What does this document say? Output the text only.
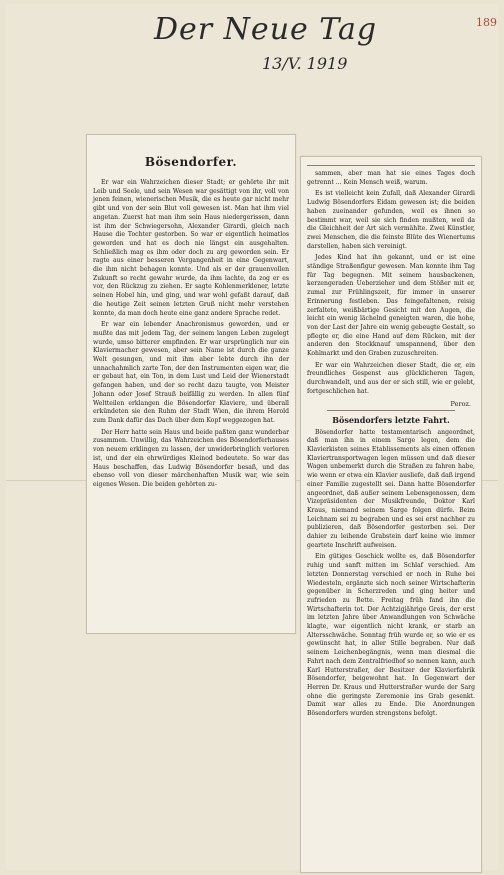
Der Neue Tag
13/V. 1919
189
Bösendorfer.

Er war ein Wahrzeichen dieser Stadt; er gehörte ihr mit Leib und Seele, und sein Wesen war gesättigt von ihr, voll von jenen feinen, wienerischen Musik, die es heute gar nicht mehr gibt und von der sein Blut voll gewesen ist. Man hat ihm viel angetan. Zuerst hat man ihm sein Haus niedergerissen, dann ist ihm der Schwiegersohn, Alexander Girardi, gleich nach Hause die Tochter gestorben. So war er eigentlich heimatlos geworden und hat es doch nie längst ein ausgehalten. Schließlich mag es ihm oder doch zu arg geworden sein. Er ragte aus einer besseren Vergangenheit in eine Gegenwart, die ihm nicht behagen konnte. Und als er der grauenvollen Zukunft so recht gewahr wurde, da ihm lachte, da zog er es vor, den Rückzug zu ziehen. Er sagte Kohlenmerklener, letzte seinen Hobel hin, und ging, und war wohl gefaßt darauf, daß die heutige Zeit seinen letzten Gruß nicht mehr verstehen konnte, da man doch heute eine ganz andere Sprache redet.

Er war ein lebender Anachronismus geworden, und er mußte das mit jedem Tag, der seinem langen Leben zugelegt wurde, umso bitterer empfinden. Er war ursprünglich nur ein Klaviermacher gewesen, aber sein Name ist durch die ganze Welt gesungen, und mit ihm aber lebte durch ihn der unnachahmlich zarte Ton, der den Instrumenten eigen war, die er gebaut hat, ein Ton, in dem Lust und Leid der Wienerstadt gefangen haben, und der so recht dazu taugte, von Meister Johann oder Josef Strauß beifällig zu werden. In allen fünf Weltteilen erklangen die Bösendorfer Klaviere, und überall erkündeten sie den Ruhm der Stadt Wien, die ihrem Herold zum Dank dafür das Dach über dem Kopf weggezogen hat.

Der Herr hatte sein Haus und beide paßten ganz wunderbar zusammen. Unwillig, das Wahrzeichen des Bösendorferhauses von neuem erklingen zu lassen, der unwiderbringlich verloren ist, und der ein ehrwürdiges Kleinod bedeutete. So war das Haus beschaffen, das Ludwig Bösendorfer besaß, und das ebenso voll von dieser märchenhaften Musik war, wie sein eigenes Wesen. Die beiden gehörten zu-

sammen, aber man hat sie eines Tages doch getrennt ... Kein Mensch weiß, warum.

Es ist vielleicht kein Zufall, daß Alexander Girardi Ludwig Bösendorfers Eidam gewesen ist; die beiden haben zueinander gefunden, weil es ihnen so bestimmt war, weil sie sich finden mußten, weil da die Gleichheit der Art sich vermählte. Zwei Künstler, zwei Menschen, die die feinste Blüte des Wienertums darstellen, haben sich vereinigt.

Jedes Kind hat ihn gekannt, und er ist eine ständige Straßenfigur gewesen. Man konnte ihm Tag für Tag begegnen. Mit seinem hausbackenen, kerzengeraden Ueberzieher und dem Stößer mit er, zumal zur Frühlingszeit, für immer in unserer Erinnerung festleben. Das feingefaltenen, reisig zerfaltete, weißbärtige Gesicht mit den Augen, die leicht ein wenig lächelnd geneigten waren, die hohe, von der Last der Jahre ein wenig gebeugte Gestalt, so pflegte er, die eine Hand auf dem Rücken, mit der anderen den Stockknauf umspannend, über den Kohlmarkt und den Graben zuzuschreiten.

Er war ein Wahrzeichen dieser Stadt, die er, ein freundliches Gespenst aus glücklicheren Tagen, durchwandelt, und aus der er sich still, wie er gelebt, fortgeschlichen hat.

Peroz.
Bösendorfers letzte Fahrt.

Bösendorfer hatte testamentarisch angeordnet, daß man ihn in einem Sarge legen, dem die Klavierkisten seines Etablissements als einen offenen Klaviertransportwagen legen müssen und daß dieser Wagen unbemerkt durch die Straßen zu fahren habe, wie wenn er etwa ein Klavier ausliefe, daß daß irgend einer Familie zugestellt sei. Dann hatte Bösendorfer angeordnet, daß außer seinem Lebensgenossen, dem Vizepräsidenten der Musikfreunde, Doktor Karl Kraus, niemand seinem Sarge folgen dürfe. Beim Leichnam sei zu begraben und es sei erst nachher zu publizieren, daß Bösendorfer gestorben sei. Der dahier zu leihende Grabstein darf keine wie immer geartete Inschrift aufweisen.

Ein gütiges Geschick wollte es, daß Bösendorfer ruhig und sanft mitten im Schlaf verschied. Am letzten Donnerstag verschied er noch in Ruhe bei Wiedesteln, ergänzte sich noch seiner Wirtschafterin gegenüber in Scherzreden und ging heiter und zufrieden zu Bette. Freitag früh fand ihn die Wirtschafterin tot. Der Achtzigjährige Greis, der erst im letzten Jahre über Anwandlungen von Schwäche klagte, war eigentlich nicht krank, er starb an Altersschwäche. Sonntag früh wurde er, so wie er es gewünscht hat, in aller Stille begraben. Nur daß seinem Leichenbegängnis, wenn man diesmal die Fahrt nach dem Zentralfriedhof so nennen kann, auch Karl Hutterstraßer, der Besitzer der Klavierfabrik Bösendorfer, beigewohnt hat. In Gegenwart der Herren Dr. Kraus und Hutterstraßer wurde der Sarg ohne die geringste Zeremonie ins Grab gesenkt. Damit war alles zu Ende. Die Anordnungen Bösendorfers wurden strengstens befolgt.
